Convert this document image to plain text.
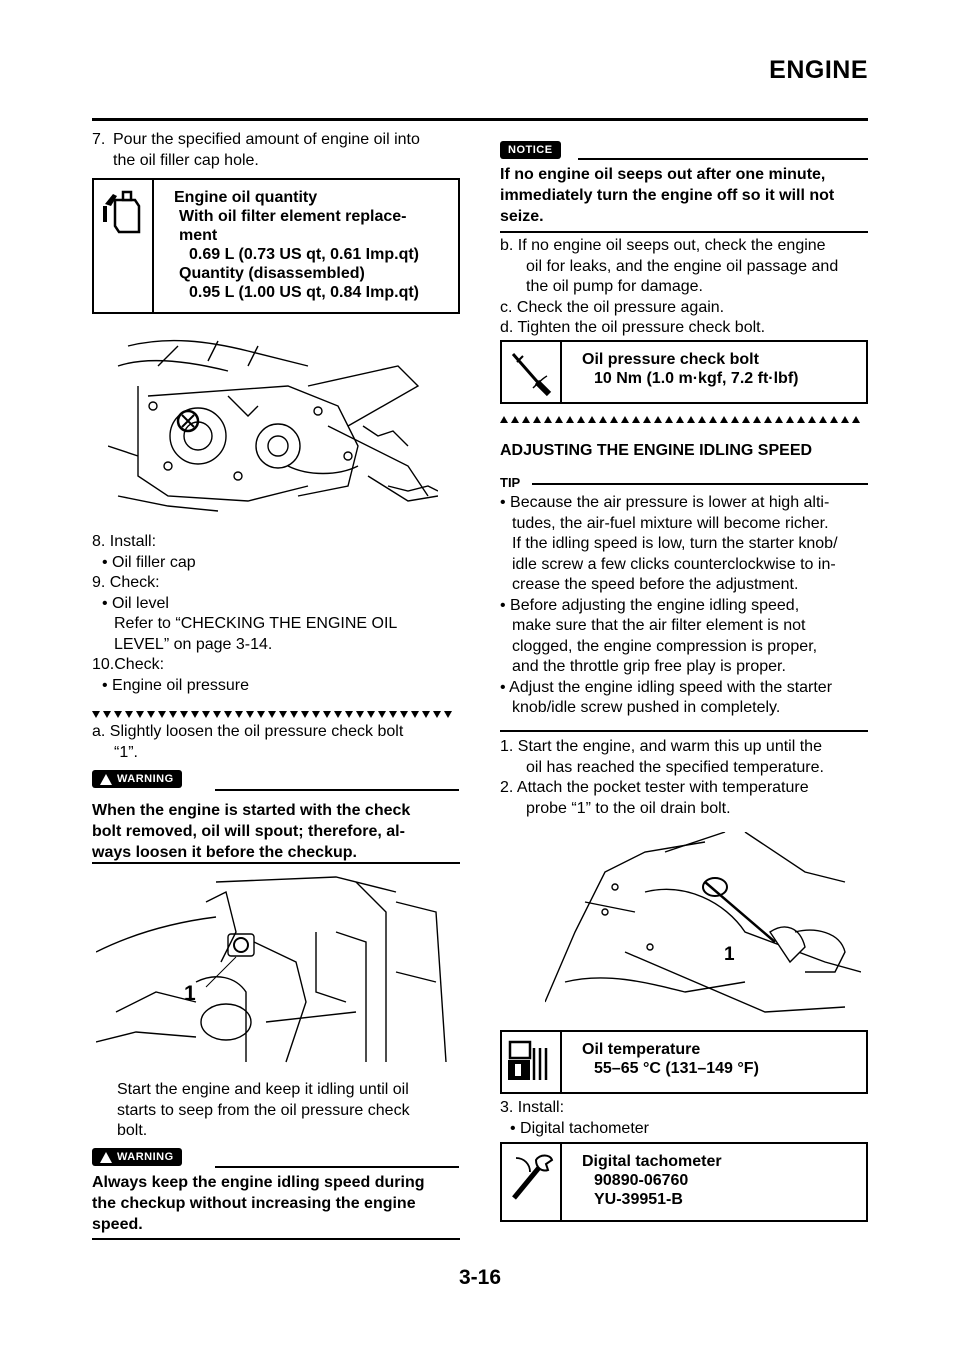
ENGINE

Pour the specified amount of engine oil into

the oil filler cap hole.

7.
Engine oil quantity
With oil filter element replace-
ment
0.69 L (0.73 US qt, 0.61 Imp.qt)
Quantity (disassembled)
0.95 L (1.00 US qt, 0.84 Imp.qt)

8. Install:

• Oil filler cap

9. Check:

• Oil level

Refer to “CHECKING THE ENGINE OIL

LEVEL” on page 3-14.

10.Check:

• Engine oil pressure

a. Slightly loosen the oil pressure check bolt

“1”.

WARNING
When the engine is started with the check
bolt removed, oil will spout; therefore, al-
ways loosen it before the checkup.
1

Start the engine and keep it idling until oil

starts to seep from the oil pressure check

bolt.

WARNING
Always keep the engine idling speed during
the checkup without increasing the engine
speed.
NOTICE
If no engine oil seeps out after one minute,
immediately turn the engine off so it will not
seize.

b. If no engine oil seeps out, check the engine

oil for leaks, and the engine oil passage and

the oil pump for damage.

c. Check the oil pressure again.

d. Tighten the oil pressure check bolt.

Oil pressure check bolt
10 Nm (1.0 m·kgf, 7.2 ft·lbf)
ADJUSTING THE ENGINE IDLING SPEED
TIP

• Because the air pressure is lower at high alti-

tudes, the air-fuel mixture will become richer.

If the idling speed is low, turn the starter knob/

idle screw a few clicks counterclockwise to in-

crease the speed before the adjustment.

• Before adjusting the engine idling speed,

make sure that the air filter element is not

clogged, the engine compression is proper,

and the throttle grip free play is proper.

• Adjust the engine idling speed with the starter

knob/idle screw pushed in completely.

1. Start the engine, and warm this up until the

oil has reached the specified temperature.

2. Attach the pocket tester with temperature

probe “1” to the oil drain bolt.

1
Oil temperature
55–65 °C (131–149 °F)

3. Install:

• Digital tachometer

Digital tachometer
90890-06760
YU-39951-B
3-16
